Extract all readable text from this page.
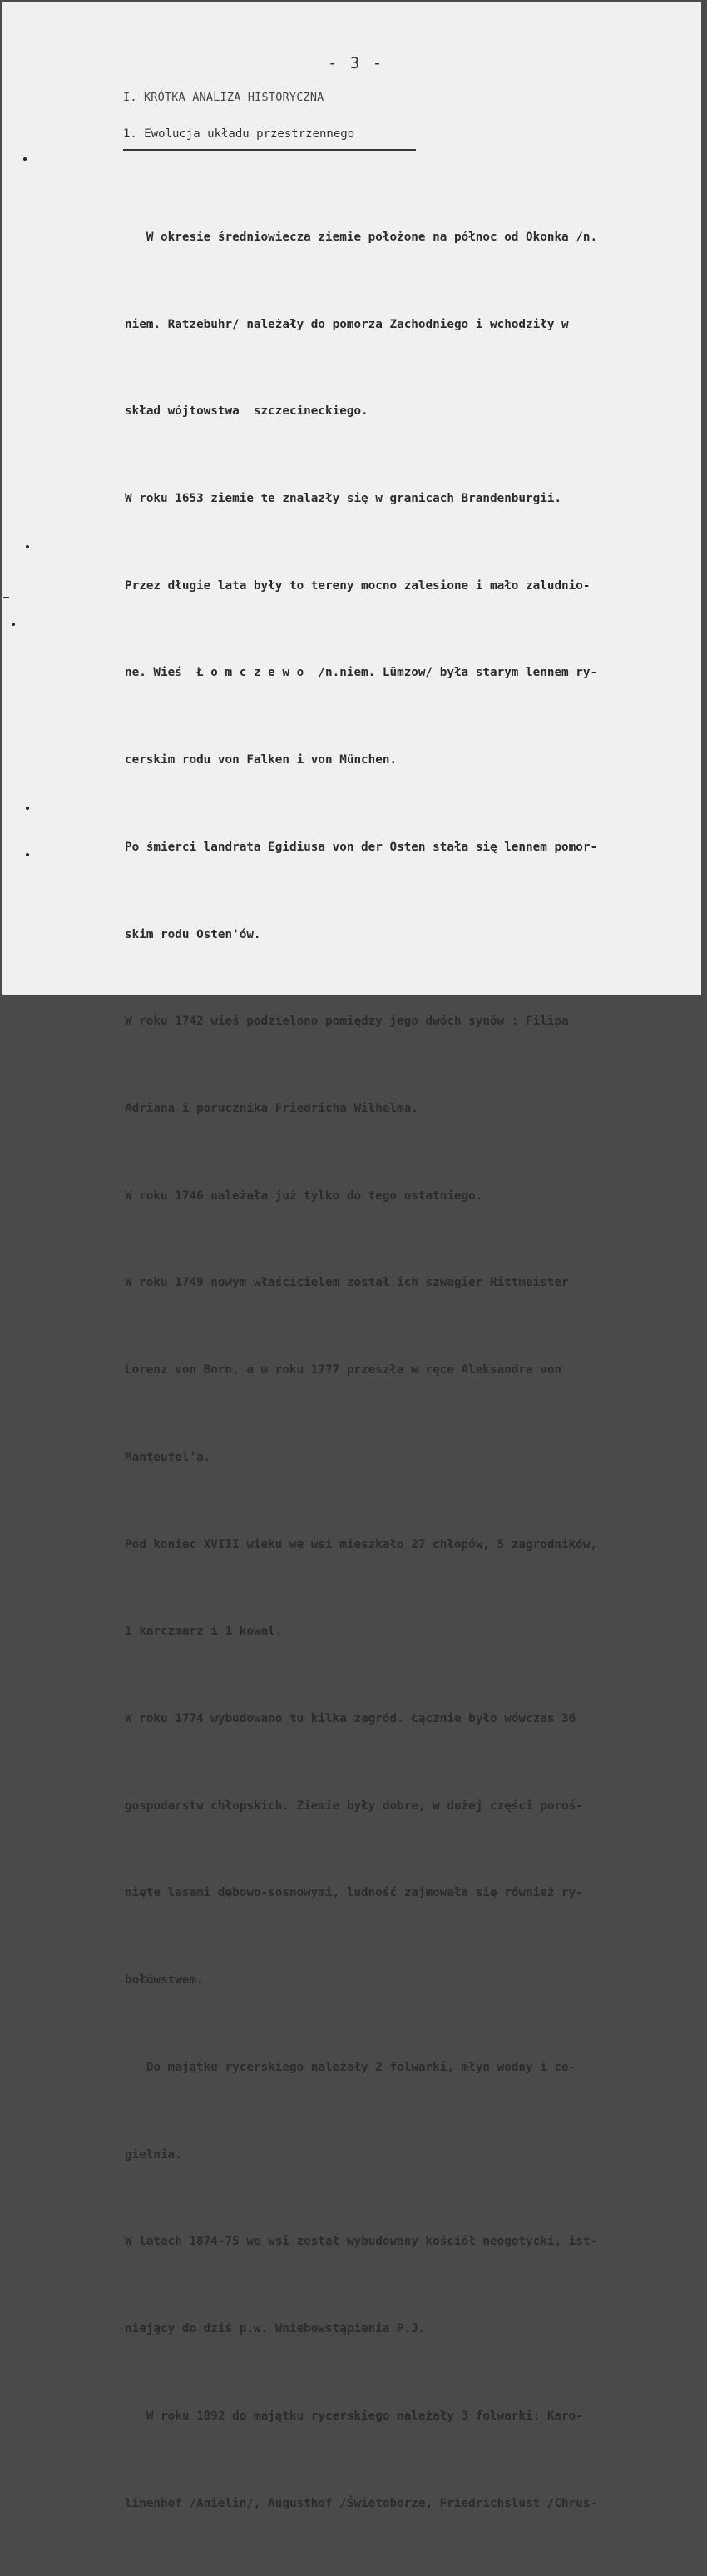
- 3 -
I. KRÓTKA ANALIZA HISTORYCZNA
1. Ewolucja układu przestrzennego

W okresie średniowiecza ziemie położone na północ od Okonka /n.

niem. Ratzebuhr/ należały do pomorza Zachodniego i wchodziły w

skład wójtowstwa  szczecineckiego.

W roku 1653 ziemie te znalazły się w granicach Brandenburgii.

Przez długie lata były to tereny mocno zalesione i mało zaludnio-

ne. Wieś  Ł o m c z e w o  /n.niem. Lümzow/ była starym lennem ry-

cerskim rodu von Falken i von München.

Po śmierci landrata Egidiusa von der Osten stała się lennem pomor-

skim rodu Osten'ów.

W roku 1742 wieś podzielono pomiędzy jego dwóch synów : Filipa

Adriana i porucznika Friedricha Wilhelma.

W roku 1746 należała już tylko do tego ostatniego.

W roku 1749 nowym właścicielem został ich szwagier Rittmeister

Lorenz von Born, a w roku 1777 przeszła w ręce Aleksandra von

Manteufel'a.

Pod koniec XVIII wieku we wsi mieszkało 27 chłopów, 5 zagrodników,

1 karczmarz i 1 kowal.

W roku 1774 wybudowano tu kilka zagród. Łącznie było wówczas 36

gospodarstw chłopskich. Ziemie były dobre, w dużej części poroś-

nięte lasami dębowo-sosnowymi, ludność zajmowała się również ry-

bołówstwem.

Do majątku rycerskiego należały 2 folwarki, młyn wodny i ce-

gielnia.

W latach 1874-75 we wsi został wybudowany kościół neogotycki, ist-

niejący do dziś p.w. Wniebowstąpienia P.J.

W roku 1892 do majątku rycerskiego należały 3 folwarki: Karo-

linenhof /Anielin/, Augusthof /Świętoborze, Friedrichslust /Chrus-
